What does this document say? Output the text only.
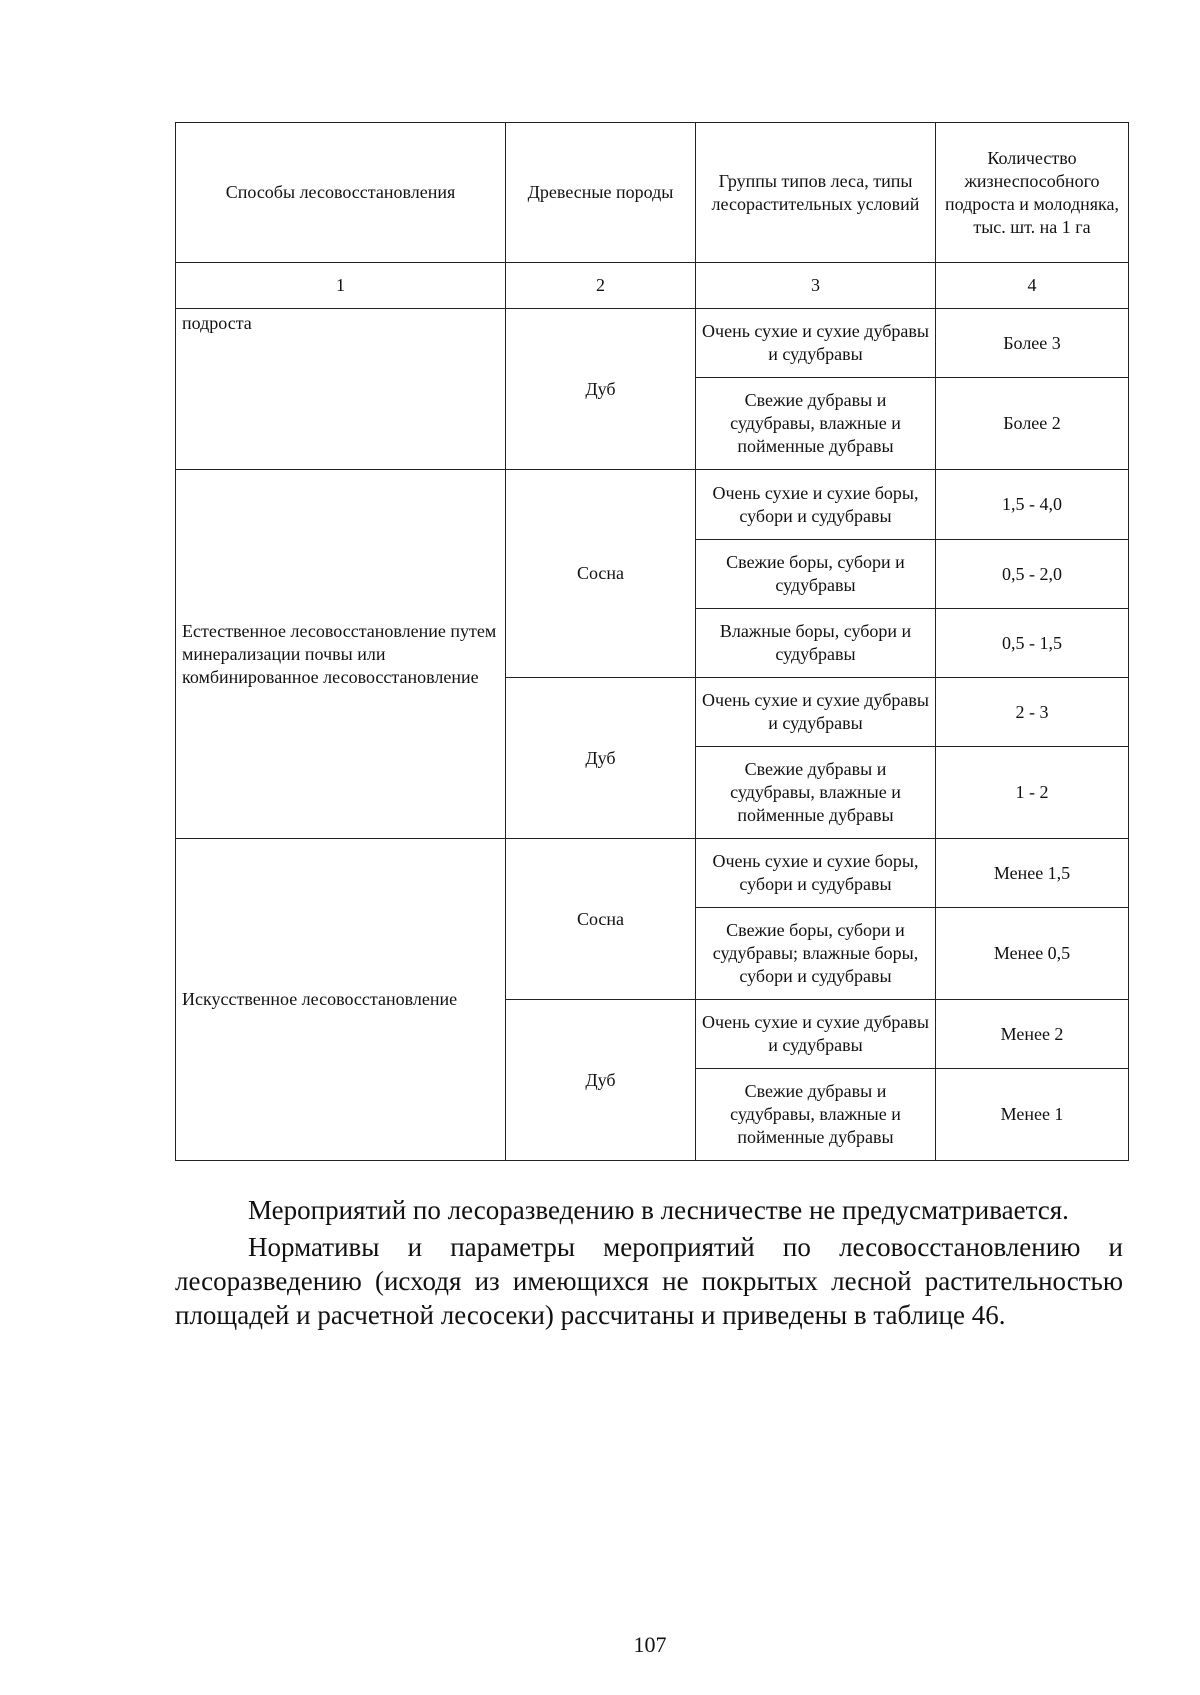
Способы лесовосстановления	Древесные породы	Группы типов леса, типы лесорастительных условий	Количество жизнеспособного подроста и молодняка, тыс. шт. на 1 га
1	2	3	4
подроста	Дуб	Очень сухие и сухие дубравы и судубравы	Более 3
		Свежие дубравы и судубравы, влажные и пойменные дубравы	Более 2
Естественное лесовосстановление путем минерализации почвы или комбинированное лесовосстановление	Сосна	Очень сухие и сухие боры, субори и судубравы	1,5 - 4,0
		Свежие боры, субори и судубравы	0,5 - 2,0
		Влажные боры, субори и судубравы	0,5 - 1,5
	Дуб	Очень сухие и сухие дубравы и судубравы	2 - 3
		Свежие дубравы и судубравы, влажные и пойменные дубравы	1 - 2
Искусственное лесовосстановление	Сосна	Очень сухие и сухие боры, субори и судубравы	Менее 1,5
		Свежие боры, субори и судубравы; влажные боры, субори и судубравы	Менее 0,5
	Дуб	Очень сухие и сухие дубравы и судубравы	Менее 2
		Свежие дубравы и судубравы, влажные и пойменные дубравы	Менее 1
Мероприятий по лесоразведению в лесничестве не предусматривается.
Нормативы и параметры мероприятий по лесовосстановлению и лесоразведению (исходя из имеющихся не покрытых лесной растительностью площадей и расчетной лесосеки) рассчитаны и приведены в таблице 46.
107
